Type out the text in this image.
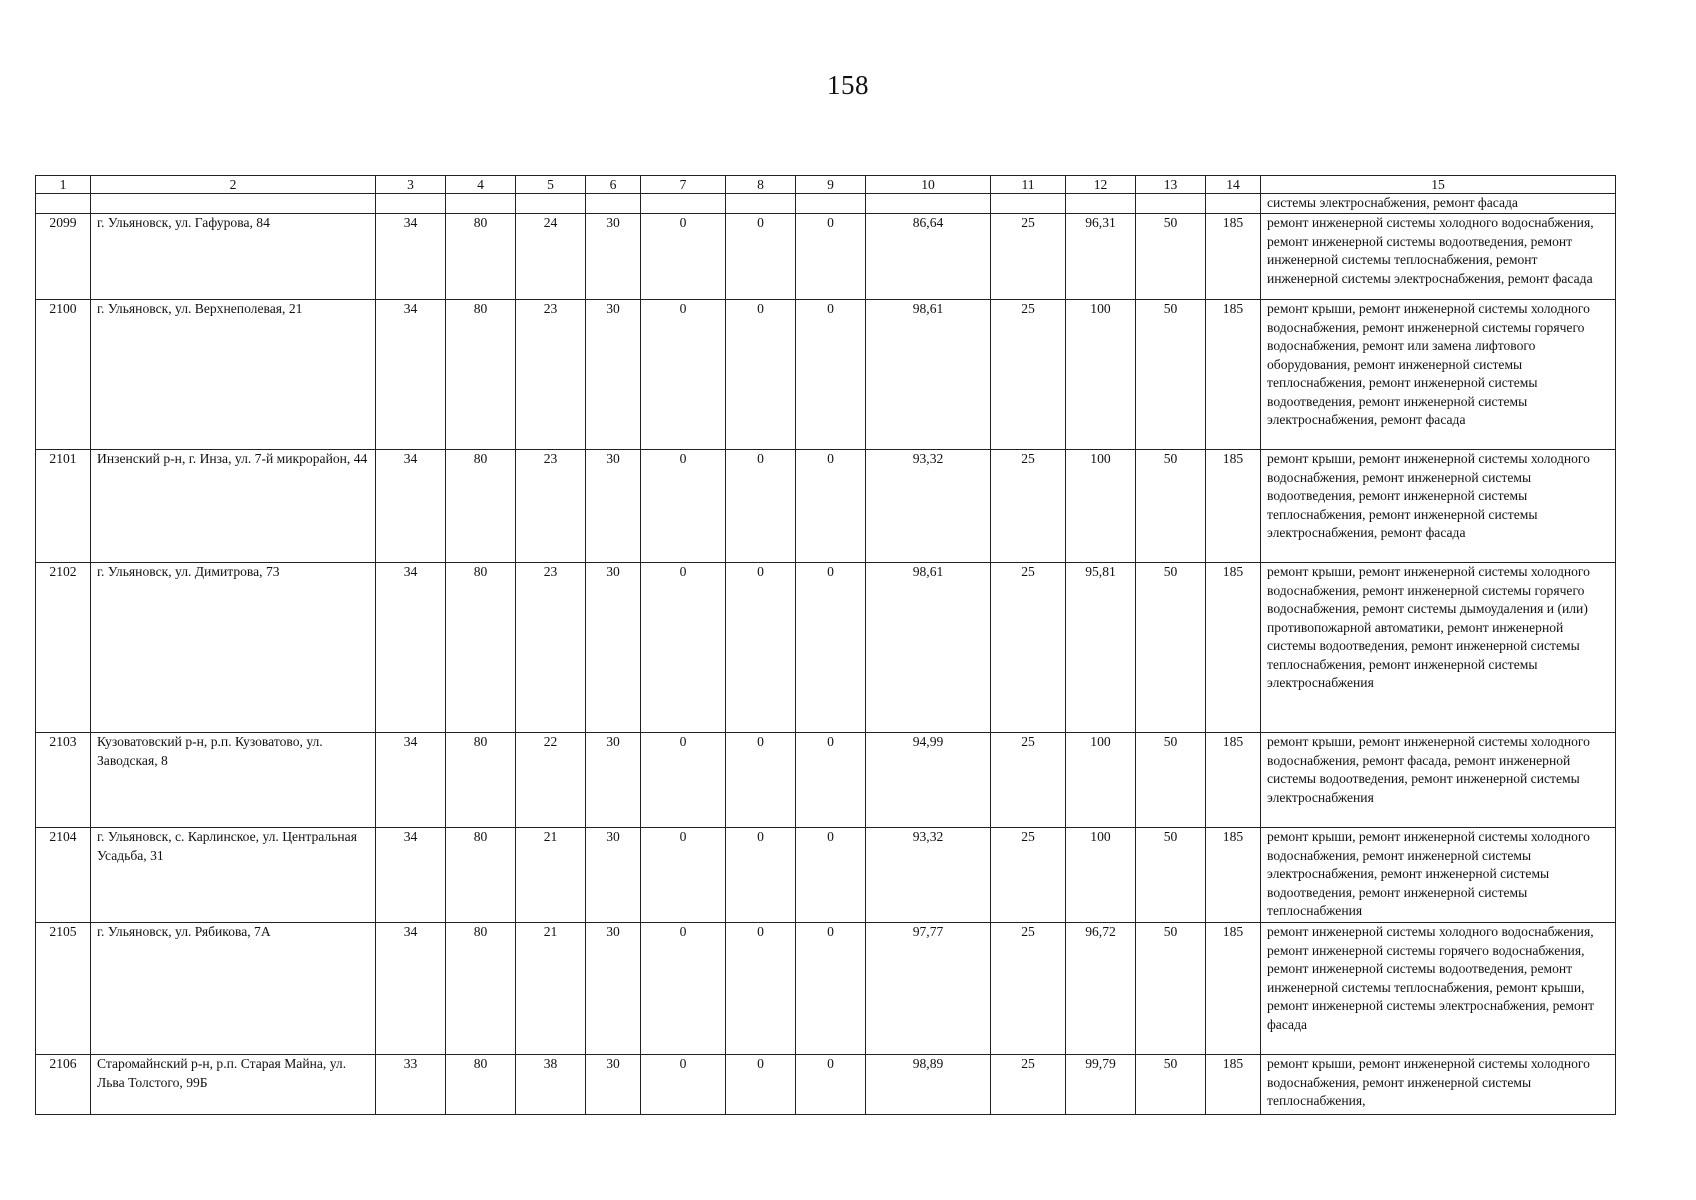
158
1	2	3	4	5	6	7	8	9	10	11	12	13	14	15
														системы электроснабжения, ремонт фасада
2099	г. Ульяновск, ул. Гафурова, 84	34	80	24	30	0	0	0	86,64	25	96,31	50	185	ремонт инженерной системы холодного водоснабжения, ремонт инженерной системы водоотведения, ремонт инженерной системы теплоснабжения, ремонт инженерной системы электроснабжения, ремонт фасада
2100	г. Ульяновск, ул. Верхнеполевая, 21	34	80	23	30	0	0	0	98,61	25	100	50	185	ремонт крыши, ремонт инженерной системы холодного водоснабжения, ремонт инженерной системы горячего водоснабжения, ремонт или замена лифтового оборудования, ремонт инженерной системы теплоснабжения, ремонт инженерной системы водоотведения, ремонт инженерной системы электроснабжения, ремонт фасада
2101	Инзенский р-н, г. Инза, ул. 7-й микрорайон, 44	34	80	23	30	0	0	0	93,32	25	100	50	185	ремонт крыши, ремонт инженерной системы холодного водоснабжения, ремонт инженерной системы водоотведения, ремонт инженерной системы теплоснабжения, ремонт инженерной системы электроснабжения, ремонт фасада
2102	г. Ульяновск, ул. Димитрова, 73	34	80	23	30	0	0	0	98,61	25	95,81	50	185	ремонт крыши, ремонт инженерной системы холодного водоснабжения, ремонт инженерной системы горячего водоснабжения, ремонт системы дымоудаления и (или) противопожарной автоматики, ремонт инженерной системы водоотведения, ремонт инженерной системы теплоснабжения, ремонт инженерной системы электроснабжения
2103	Кузоватовский р-н, р.п. Кузоватово, ул. Заводская, 8	34	80	22	30	0	0	0	94,99	25	100	50	185	ремонт крыши, ремонт инженерной системы холодного водоснабжения, ремонт фасада, ремонт инженерной системы водоотведения, ремонт инженерной системы электроснабжения
2104	г. Ульяновск, с. Карлинское, ул. Центральная Усадьба, 31	34	80	21	30	0	0	0	93,32	25	100	50	185	ремонт крыши, ремонт инженерной системы холодного водоснабжения, ремонт инженерной системы электроснабжения, ремонт инженерной системы водоотведения, ремонт инженерной системы теплоснабжения
2105	г. Ульяновск, ул. Рябикова, 7А	34	80	21	30	0	0	0	97,77	25	96,72	50	185	ремонт инженерной системы холодного водоснабжения, ремонт инженерной системы горячего водоснабжения, ремонт инженерной системы водоотведения, ремонт инженерной системы теплоснабжения, ремонт крыши, ремонт инженерной системы электроснабжения, ремонт фасада
2106	Старомайнский р-н, р.п. Старая Майна, ул. Льва Толстого, 99Б	33	80	38	30	0	0	0	98,89	25	99,79	50	185	ремонт крыши, ремонт инженерной системы холодного водоснабжения, ремонт инженерной системы теплоснабжения,
